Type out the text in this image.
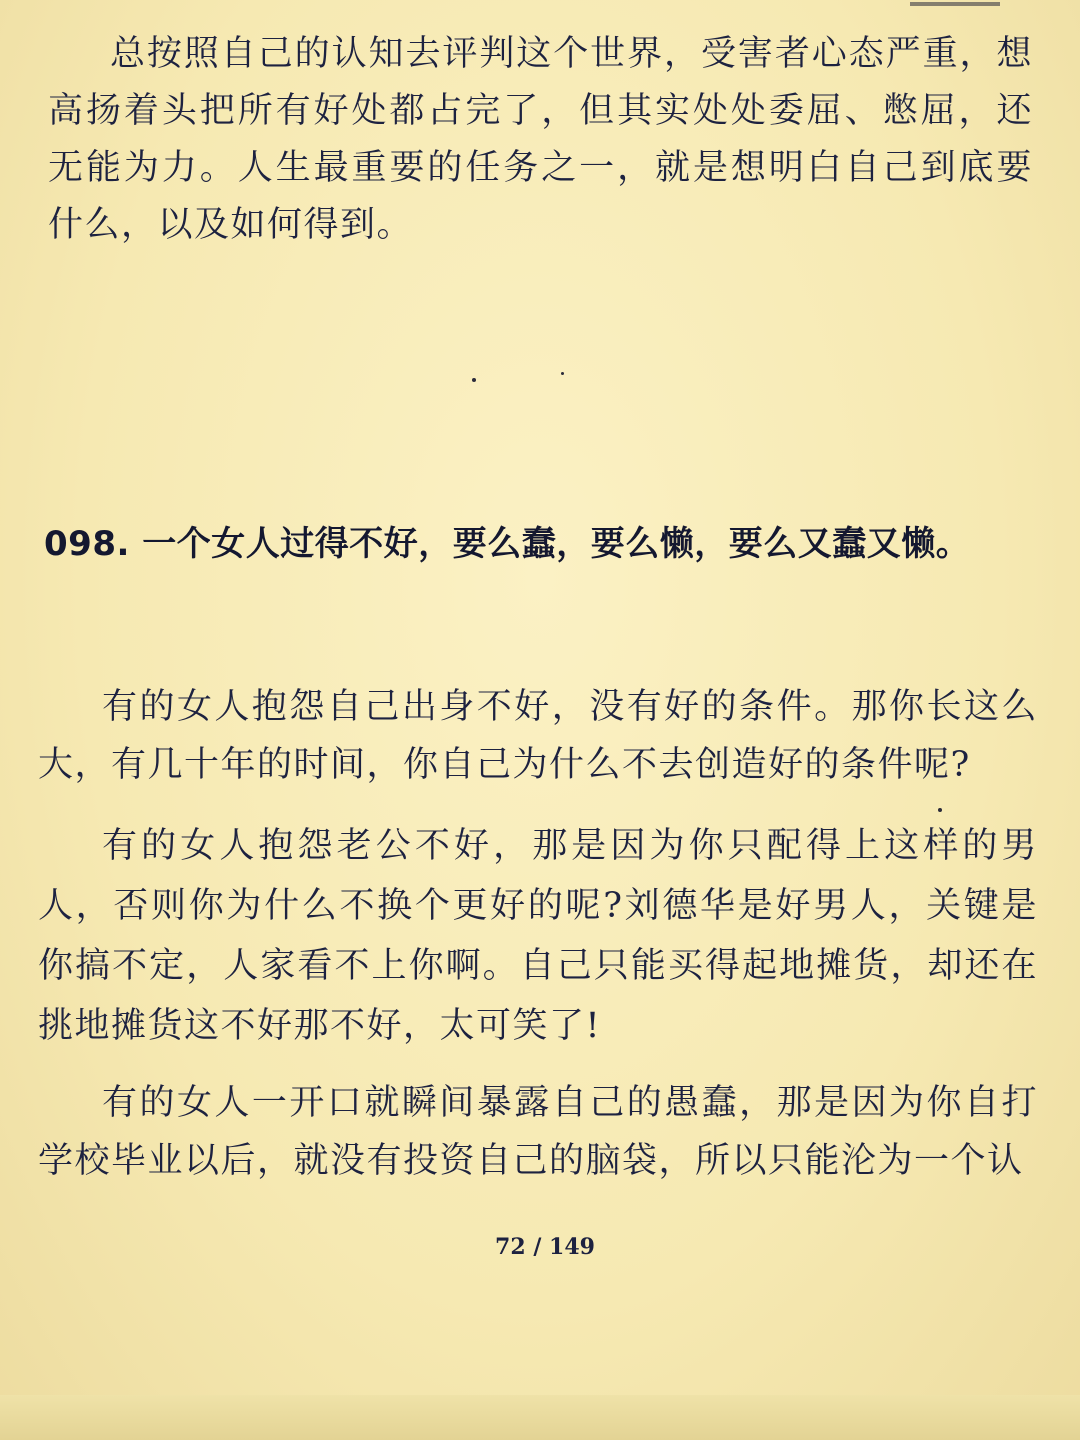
总按照自己的认知去评判这个世界，受害者心态严重，想高扬着头把所有好处都占完了，但其实处处委屈、憋屈，还无能为力。人生最重要的任务之一，就是想明白自己到底要什么，以及如何得到。

098. 一个女人过得不好，要么蠢，要么懒，要么又蠢又懒。

有的女人抱怨自己出身不好，没有好的条件。那你长这么大，有几十年的时间，你自己为什么不去创造好的条件呢?

有的女人抱怨老公不好，那是因为你只配得上这样的男人，否则你为什么不换个更好的呢?刘德华是好男人，关键是你搞不定，人家看不上你啊。自己只能买得起地摊货，却还在挑地摊货这不好那不好，太可笑了!

有的女人一开口就瞬间暴露自己的愚蠢，那是因为你自打学校毕业以后，就没有投资自己的脑袋，所以只能沦为一个认

72 / 149
